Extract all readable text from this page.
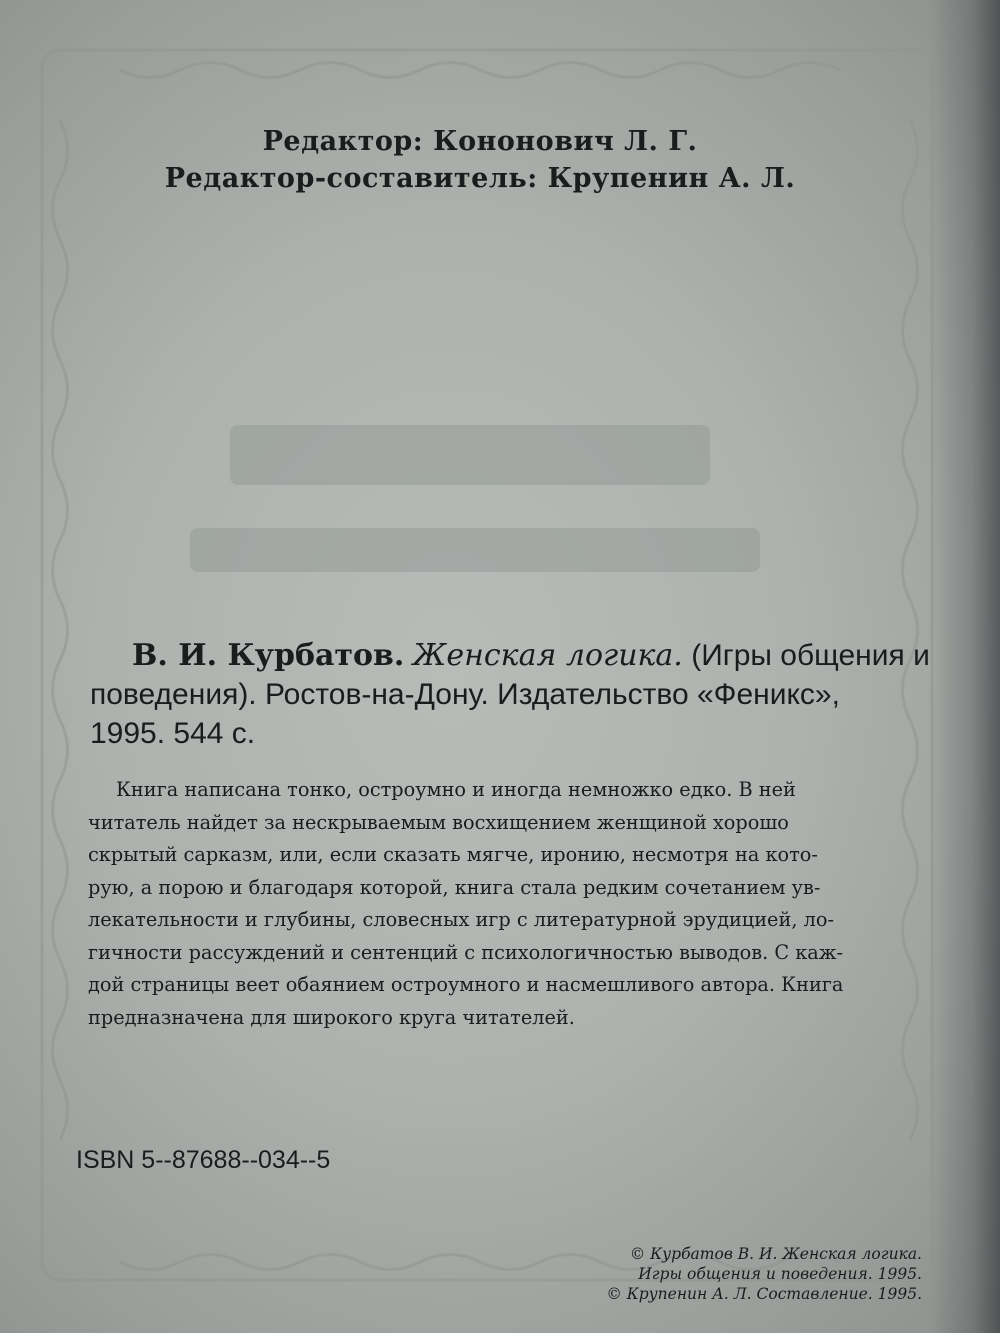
Редактор: Кононович Л. Г.
Редактор-составитель: Крупенин А. Л.
В. И. Курбатов. Женская логика. (Игры общения и
поведения). Ростов-на-Дону. Издательство «Феникс»,
1995. 544 с.
Книга написана тонко, остроумно и иногда немножко едко. В ней
читатель найдет за нескрываемым восхищением женщиной хорошо
скрытый сарказм, или, если сказать мягче, иронию, несмотря на кото-
рую, а порою и благодаря которой, книга стала редким сочетанием ув-
лекательности и глубины, словесных игр с литературной эрудицией, ло-
гичности рассуждений и сентенций с психологичностью выводов. С каж-
дой страницы веет обаянием остроумного и насмешливого автора. Книга
предназначена для широкого круга читателей.
ISBN 5--87688--034--5
© Курбатов В. И. Женская логика.
Игры общения и поведения. 1995.
© Крупенин А. Л. Составление. 1995.
